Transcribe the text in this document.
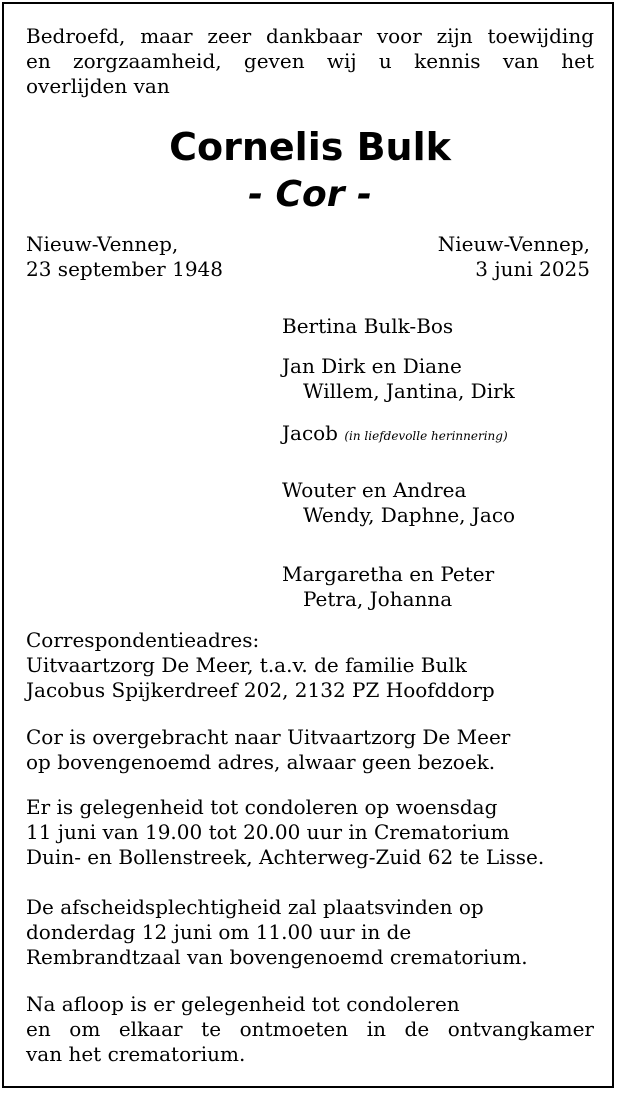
Bedroefd, maar zeer dankbaar voor zijn toewijding
en zorgzaamheid, geven wij u kennis van het
overlijden van
Cornelis Bulk
- Cor -
Nieuw-Vennep,
23 september 1948
Nieuw-Vennep,
3 juni 2025
Bertina Bulk-Bos
Jan Dirk en Diane
Willem, Jantina, Dirk
Jacob (in liefdevolle herinnering)
Wouter en Andrea
Wendy, Daphne, Jaco
Margaretha en Peter
Petra, Johanna
Correspondentieadres:
Uitvaartzorg De Meer, t.a.v. de familie Bulk
Jacobus Spijkerdreef 202, 2132 PZ Hoofddorp
Cor is overgebracht naar Uitvaartzorg De Meer
op bovengenoemd adres, alwaar geen bezoek.
Er is gelegenheid tot condoleren op woensdag
11 juni van 19.00 tot 20.00 uur in Crematorium
Duin- en Bollenstreek, Achterweg-Zuid 62 te Lisse.
De afscheidsplechtigheid zal plaatsvinden op
donderdag 12 juni om 11.00 uur in de
Rembrandtzaal van bovengenoemd crematorium.
Na afloop is er gelegenheid tot condoleren
en om elkaar te ontmoeten in de ontvangkamer
van het crematorium.
